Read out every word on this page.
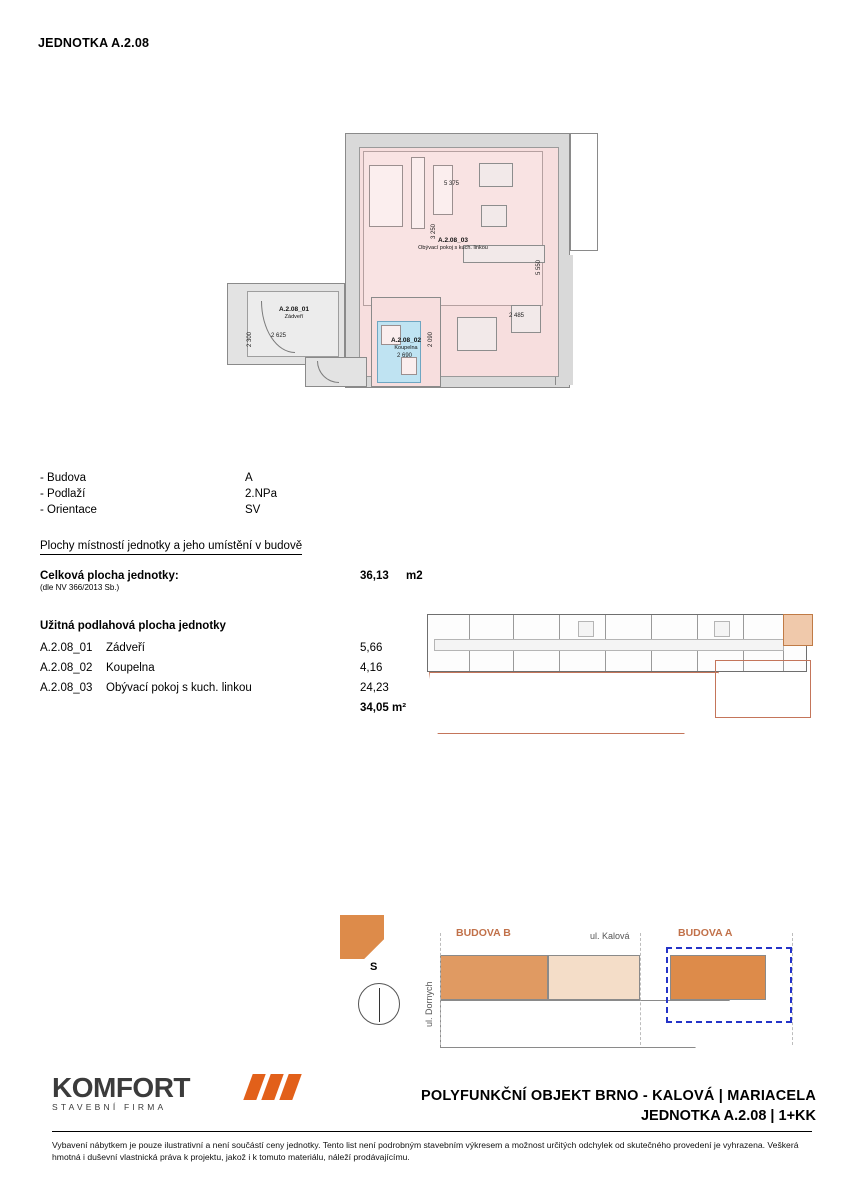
JEDNOTKA A.2.08
5 375
3 250
5 550
2 485
2 625
2 300
2 690
2 090
A.2.08_01
Zádveří
A.2.08_02
Koupelna
A.2.08_03
Obývací pokoj s kuch. linkou
- Budova	A
- Podlaží	2.NPa
- Orientace	SV
Plochy místností jednotky a jeho umístění v budově
Celková plocha jednotky:	36,13	m2
(dle NV 366/2013 Sb.)
Užitná podlahová plocha jednotky
A.2.08_01	Zádveří	5,66
A.2.08_02	Koupelna	4,16
A.2.08_03	Obývací pokoj s kuch. linkou	24,23
34,05 m²
BUDOVA B	BUDOVA A
ul. Kalová
ul. Dornych
S
KOMFORT
STAVEBNÍ FIRMA
POLYFUNKČNÍ OBJEKT BRNO - KALOVÁ | MARIACELA
JEDNOTKA A.2.08 | 1+KK
Vybavení nábytkem je pouze ilustrativní a není součástí ceny jednotky. Tento list není podrobným stavebním výkresem a možnost určitých odchylek od skutečného provedení je vyhrazena. Veškerá hmotná i duševní vlastnická práva k projektu, jakož i k tomuto materiálu, náleží prodávajícímu.
